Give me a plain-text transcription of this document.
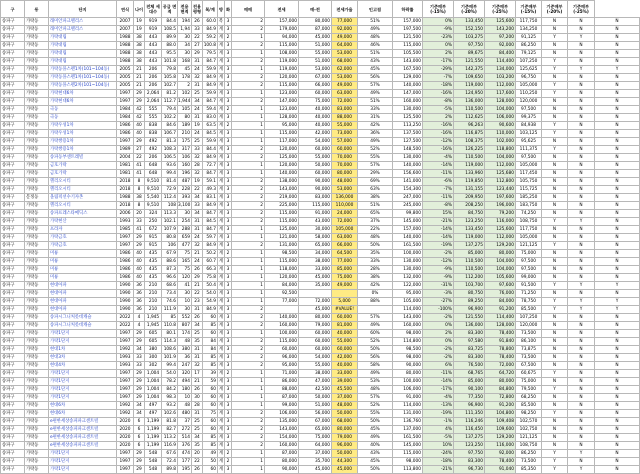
구	동	단지	연식	나이	전체 세대수	공급 면적	전용 면적	전용 평형	복/계	방	화	매매	전세	매-전	전세가율	인고점	하락률	기준매부 (-15%)	기준매부 (-20%)	기준매부 (-25%)	기준매부 (-15%)	기준매부 (-20%)	기준매부 (-25%)	
송파구	가락동	래미안파크팰리스	2007	19	919	84.4	194	26	60.0	복	3	2	157,000	80,000	77,000	51%	157,000	0%	133,450	125,600	117,750	N	N	N
송파구	가락동	래미안파크팰리스	2007	19	919	108.5	1,94	33	84.9	계	3	2	179,000	87,000	92,000	49%	197,500	-9%	152,150	143,200	134,250	N	N	N
송파구	가락동	가락대림	1988	38	443	89.9	30	22	59.2	계	2	1	94,000	45,000	49,000	48%	121,500	-23%	103,275	97,200	91,125	Y	Y	N
송파구	가락동	가락대림	1988	38	443	88.0	34	27	100.8	계	3	2	115,000	51,000	64,000	46%	115,000	0%	97,750	92,000	86,250	N	N	N
송파구	가락동	가락대림	1988	38	443	95.5	30	29	79.5	계	3	1	108,000	55,000	53,000	51%	105,500	2%	89,675	84,400	79,125	N	N	N
송파구	가락동	가락대림	1988	38	443	101.8	168	31	84.7	계	3	2	119,000	51,000	68,000	43%	143,000	-17%	121,550	114,400	107,250	Y	N	N
송파구	가락동	가락동플스펜1차(101~104동)	2005	21	206	79.8	45	24	59.9	계	3	1	119,000	53,000	62,000	45%	167,500	-29%	142,375	134,000	125,625	Y	Y	Y
송파구	가락동	가락동플스펜1차(101~104동)	2005	21	206	105.8	178	32	84.9	계	3	2	120,000	67,000	53,000	56%	129,000	-7%	109,650	103,200	96,750	N	N	N
송파구	가락동	가락동플스펜2차(101~104동)	2005	21	206	102.7	2	31	84.9	계	3	2	115,000	66,000	49,000	57%	140,000	-18%	119,000	112,000	105,000	Y	N	N
송파구	가락동	가락현대6차	1997	29	2,064	81.2	102	25	59.9	계	3	1	123,000	60,000	63,000	49%	147,000	-16%	124,950	117,600	110,250	Y	N	N
송파구	가락동	가락현대6차	1997	29	2,064	112.7	1,944	34	84.7	계	3	2	147,000	75,000	72,000	51%	160,000	-8%	136,000	128,000	120,000	N	N	N
송파구	가락동	극동	1984	42	555	79.4	105	24	59.4	계	2	1	123,000	40,000	83,000	33%	130,000	-5%	110,500	104,000	97,500	N	N	N
송파구	가락동	극동	1984	42	555	102.2	80	31	83.0	계	3	1	128,000	40,000	88,000	31%	125,500	2%	112,625	106,000	99,375	N	N	N
송파구	가락동	가락우성1차	1986	40	838	84.6	189	19	63.5	계	2	1	95,000	40,000	55,000	42%	113,250	-16%	96,263	90,600	84,938	Y	N	N
송파구	가락동	가락우성1차	1986	40	838	106.7	210	24	84.5	계	3	1	115,000	42,000	73,000	36%	137,500	-16%	116,875	110,000	103,125	Y	N	N
송파구	가락동	가락쌍용1차	1997	29	492	81.3	175	25	59.9	계	3	1	117,000	54,000	57,000	49%	127,500	-12%	108,375	102,000	95,625	N	N	N
송파구	가락동	가락쌍용1차	1989	27	492	108.3	317	33	84.4	계	3	2	120,000	60,000	60,000	52%	148,500	-16%	126,225	118,800	111,375	Y	N	N
송파구	가락동	송파동부센트레빌	2004	22	206	106.5	106	32	84.9	계	3	2	125,000	55,000	70,000	55%	130,000	-4%	110,500	104,000	97,500	N	N	N
송파구	가락동	금호가락	1981	41	648	93.6	160	28	72.7	계	3	1	120,000	50,000	70,000	57%	140,000	-14%	119,000	112,000	105,000	N	N	N
송파구	가락동	금호가락	1981	41	648	99.4	196	32	84.7	계	3	1	140,000	60,000	80,000	29%	156,600	-11%	133,960	125,680	117,450	N	N	N
송파구	가락동	헬리오시티	2018	8	9,510	81.4	487	19	59.1	계	3	2	138,000	90,000	48,000	69%	141,000	-6%	119,850	112,800	105,750	N	N	N
송파구	가락동	헬리오시티	2018	8	9,510	72.9	228	22	49.3	계	3	2	143,000	90,000	53,000	63%	154,300	-7%	131,155	123,440	115,725	N	N	N
송파구	문정동	올림픽선수기자촌	1988	38	5,540	112.4	393	34	83.1	계	3	2	219,000	83,000	136,000	38%	247,000	-11%	209,950	197,600	185,250	N	N	N
송파구	가락동	헬리오시티	2018	8	9,510	108	3,100	33	84.9	계	3	2	225,000	115,000	110,000	51%	245,000	-8%	208,250	196,000	183,750	N	N	N
송파구	가락동	송파프레스타메딕스	2006	20	324	113.3	30	34	84.7	계	3	2	115,000	91,000	24,000	65%	99,800	15%	84,750	79,200	74,250	N	N	N
송파구	가락동	가락현산	1993	33	250	102.1	254	31	84.5	계	3	2	115,000	43,000	72,000	37%	145,000	-21%	123,250	116,000	108,750	Y	Y	N
송파구	가락동	프라자	1985	41	672	107.9	288	31	84.7	계	3	1	125,000	30,000	105,000	22%	157,000	-14%	133,450	125,600	117,750	N	N	N
송파구	가락동	가락금호	1997	29	915	80.8	659	24	59.7	계	3	1	121,000	58,000	63,000	48%	140,000	-14%	119,000	112,000	105,000	N	N	N
송파구	가락동	가락금호	1997	29	915	106	477	32	84.9	계	3	2	131,000	65,000	66,000	50%	161,500	-19%	137,275	129,200	121,125	Y	N	N
송파구	가락동	미륭	1986	40	435	67.9	75	21	50.2	계	2	1	98,500	34,000	64,500	35%	100,000	-2%	85,000	80,000	75,000	N	N	N
송파구	가락동	미륭	1986	40	435	88.6	165	24	60.7	계	3	1	115,000	38,000	77,000	33%	130,000	-12%	110,500	104,000	97,500	N	N	N
송파구	가락동	미륭	1986	40	435	87.3	75	26	66.3	계	3	1	118,000	33,000	85,000	28%	130,000	-9%	110,500	104,000	97,500	N	N	N
송파구	가락동	미륭	1986	40	435	96.6	120	29	75.8	계	3	1	120,000	45,000	75,000	38%	132,000	-9%	112,200	105,600	99,000	N	N	N
송파구	가락동	현대아파	1990	36	210	68.6	41	21	50.4	계	3	1	84,000	35,000	49,000	42%	122,000	-31%	103,700	97,600	91,500	Y	Y	Y
송파구	가락동	현대아파	1990	36	210	73.4	30	22	54.0	계	3	1	92,500			0%	95,000	-3%	80,750	76,000	71,250	N	N	N
송파구	가락동	현대아파	1990	36	210	74.6	10	23	54.9	계	3	1	77,000	72,000	5,000	88%	105,000	-27%	89,250	84,000	78,750	Y	Y	Y
송파구	가락동	현대아파	1990	36	210	111.9	30	31	84.9	계	3	2		45,000	#VALUE!		114,000	-100%	96,900	91,200	85,500	Y	Y	Y
송파구	가락동	송파시그니처롯데캐슬	2022	4	1,945	85	552	26	60	계	3	2	140,000	80,000	60,000	57%	143,000	-2%	121,550	114,400	107,250	N	N	N
송파구	가락동	송파시그니처롯데캐슬	2022	4	1,945	110.8	807	34	85	계	3	2	160,000	79,000	81,000	49%	160,000	0%	136,000	128,000	120,000	N	N	N
송파구	가락동	가락1단지	1997	29	605	80.1	174	25	60	계	3	1	100,000	60,000	40,000	60%	98,000	2%	83,300	78,400	73,500	N	N	N
송파구	가락동	가락1단지	1997	29	605	114.3	48	35	84	계	3	2	115,000	60,000	55,000	52%	114,800	0%	97,580	91,840	86,100	N	N	N
송파구	가락동	현대1차	1992	34	380	108.6	380	31	84	계	3	2	60,000	60,000	60,000	50%	98,500	-2%	83,725	78,800	73,875	N	N	N
송파구	가락동	현대3차	1993	33	300	101.9	36	31	85	계	3	2	96,000	54,000	42,000	56%	98,000	-2%	83,300	78,400	73,500	N	N	N
송파구	가락동	현대4차	1993	33	302	99.4	247	32	85	계	3	2	95,000	55,000	40,000	58%	90,000	6%	76,500	72,000	67,500	N	N	N
송파구	가락동	가락1단지	1997	29	1,004	54.0	320	17	39	계	2	1	71,000	38,000	33,000	49%	80,000	-11%	68,765	64,720	60,675	Y	N	N
송파구	가락동	가락1단지	1997	29	1,004	78.2	494	21	59	계	3	1	86,000	47,000	39,000	53%	100,000	-14%	85,000	80,000	75,000	N	N	N
송파구	가락동	가락1단지	1997	29	1,004	84.2	180	26	60	계	3	1	88,000	42,500	45,500	48%	106,000	-17%	90,100	84,800	79,500	Y	N	N
송파구	가락동	가락1단지	1997	29	1,004	98.3	10	30	60	계	3	1	87,000	50,000	37,000	57%	91,000	-4%	77,350	72,800	68,250	N	N	N
송파구	가락동	현대6차	1992	34	497	93.2	48	28	60	계	3	1	99,000	51,000	48,000	52%	114,000	-13%	96,900	91,200	85,500	N	N	N
송파구	가락동	현대6차	1992	34	497	102.6	480	31	75	계	3	2	106,000	56,000	50,000	55%	131,000	-19%	111,350	104,800	98,250	Y	N	N
송파구	가락동	e편한세상송파파크센트럴	2020	6	1,199	81.8	37	25	60	계	3	2	135,000	67,000	68,000	50%	136,760	-1%	116,246	109,408	102,570	N	N	N
송파구	가락동	e편한세상송파파크센트럴	2020	6	1,199	82.7	272	25	60	계	3	2	143,000	65,000	80,000	45%	137,000	4%	116,450	109,600	102,750	N	N	N
송파구	가락동	e편한세상송파파크센트럴	2020	6	1,199	113.2	514	34	85	계	3	2	154,000	75,000	79,000	49%	161,500	-5%	137,275	129,200	121,125	N	N	N
송파구	가락동	e편한세상송파파크센트럴	2020	6	1,199	116.9	376	35	85	계	3	2	160,000	64,000	96,000	40%	145,000	10%	123,250	116,000	108,750	N	N	N
송파구	가락동	가락1단지	1997	29	548	67.6	474	20	49	계	2	1	87,000	37,000	50,000	43%	115,000	-24%	97,750	92,000	86,250	Y	Y	N
송파구	가락동	가락1단지	1997	29	548	72.4	177	22	50	계	2	1	80,000	35,700	44,300	45%	98,000	-18%	83,300	78,400	73,500	Y	N	N
송파구	가락동	가락1단지	1997	29	548	89.8	195	26	60	계	3	1	90,000	45,000	45,000	50%	113,800	-21%	96,730	91,040	85,350	Y	Y	N
